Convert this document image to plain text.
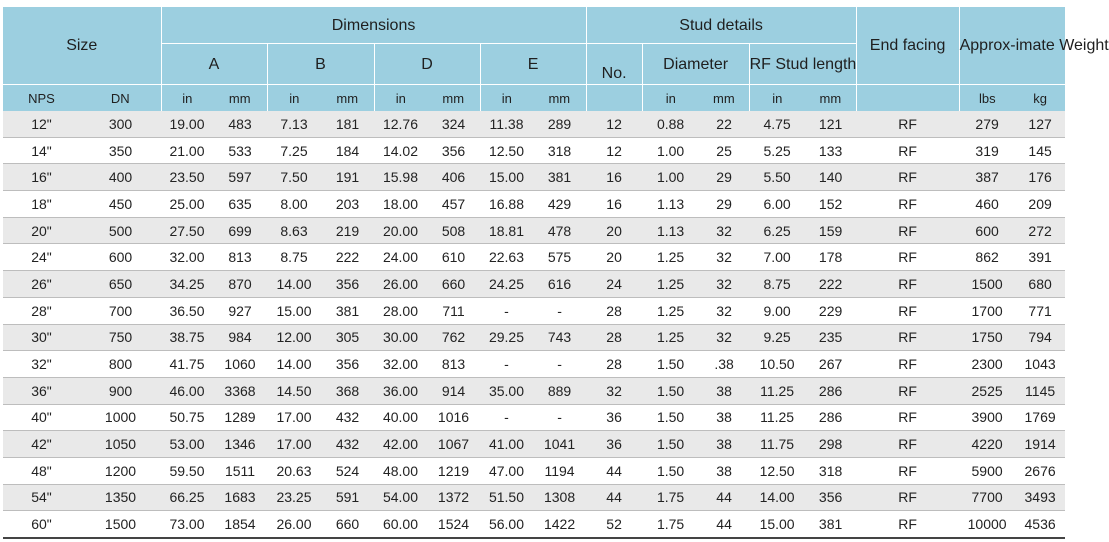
Size		Dimensions								Stud details					End facing	Approx-imate Weight	
		A		B		D		E		No.	Diameter		RF Stud length				
NPS	DN	in	mm	in	mm	in	mm	in	mm		in	mm	in	mm		lbs	kg
12"	300	19.00	483	7.13	181	12.76	324	11.38	289	12	0.88	22	4.75	121	RF	279	127
14"	350	21.00	533	7.25	184	14.02	356	12.50	318	12	1.00	25	5.25	133	RF	319	145
16"	400	23.50	597	7.50	191	15.98	406	15.00	381	16	1.00	29	5.50	140	RF	387	176
18"	450	25.00	635	8.00	203	18.00	457	16.88	429	16	1.13	29	6.00	152	RF	460	209
20"	500	27.50	699	8.63	219	20.00	508	18.81	478	20	1.13	32	6.25	159	RF	600	272
24"	600	32.00	813	8.75	222	24.00	610	22.63	575	20	1.25	32	7.00	178	RF	862	391
26"	650	34.25	870	14.00	356	26.00	660	24.25	616	24	1.25	32	8.75	222	RF	1500	680
28"	700	36.50	927	15.00	381	28.00	711	-	-	28	1.25	32	9.00	229	RF	1700	771
30"	750	38.75	984	12.00	305	30.00	762	29.25	743	28	1.25	32	9.25	235	RF	1750	794
32"	800	41.75	1060	14.00	356	32.00	813	-	-	28	1.50	.38	10.50	267	RF	2300	1043
36"	900	46.00	3368	14.50	368	36.00	914	35.00	889	32	1.50	38	11.25	286	RF	2525	1145
40"	1000	50.75	1289	17.00	432	40.00	1016	-	-	36	1.50	38	11.25	286	RF	3900	1769
42"	1050	53.00	1346	17.00	432	42.00	1067	41.00	1041	36	1.50	38	11.75	298	RF	4220	1914
48"	1200	59.50	1511	20.63	524	48.00	1219	47.00	1194	44	1.50	38	12.50	318	RF	5900	2676
54"	1350	66.25	1683	23.25	591	54.00	1372	51.50	1308	44	1.75	44	14.00	356	RF	7700	3493
60"	1500	73.00	1854	26.00	660	60.00	1524	56.00	1422	52	1.75	44	15.00	381	RF	10000	4536
